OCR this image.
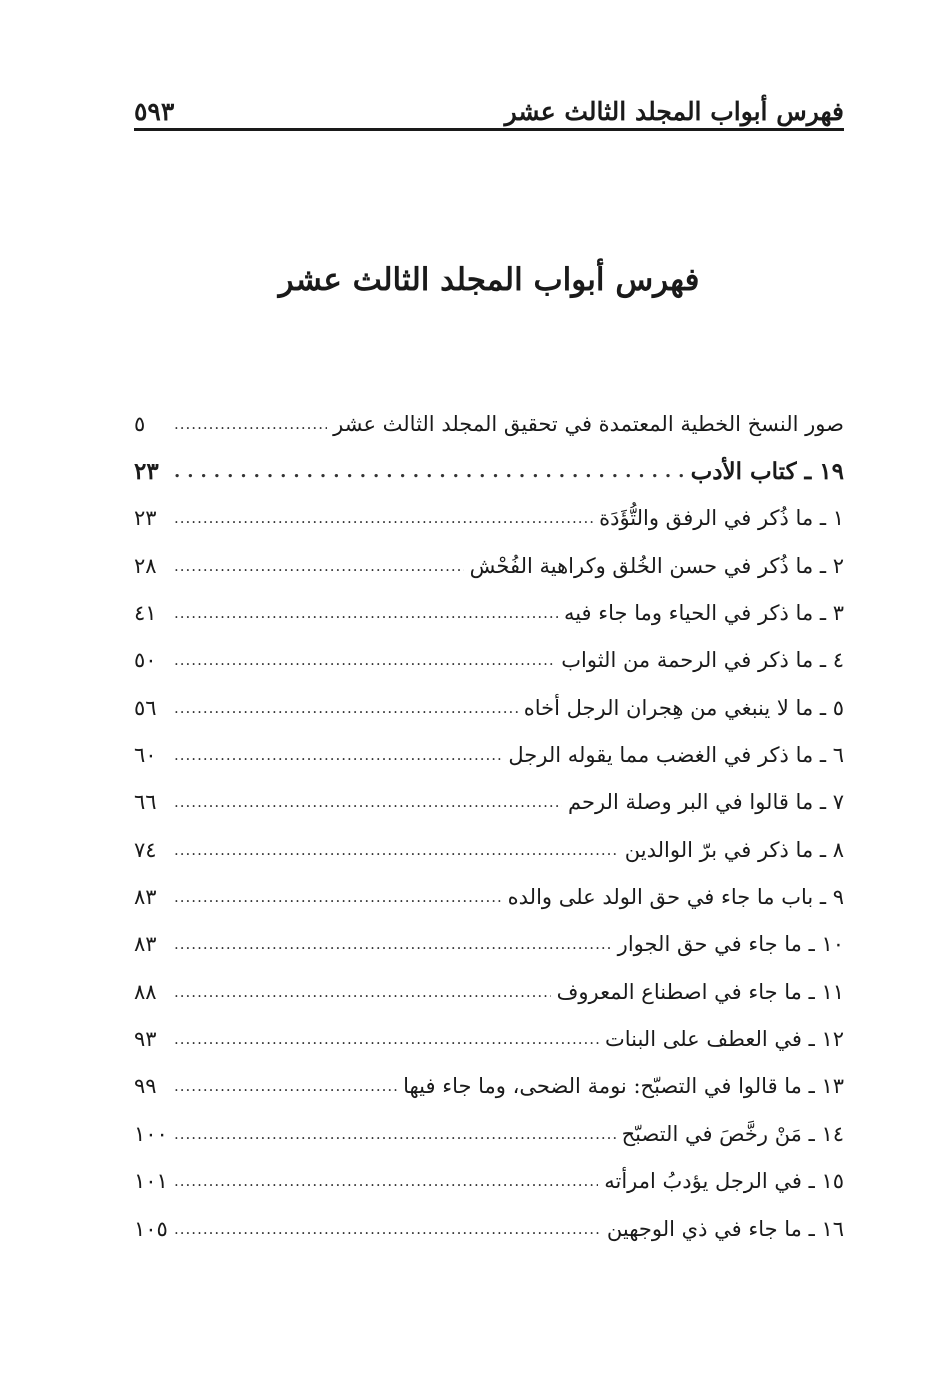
فهرس أبواب المجلد الثالث عشر
٥٩٣
فهرس أبواب المجلد الثالث عشر
صور النسخ الخطية المعتمدة في تحقيق المجلد الثالث عشر
.....
٥
١٩ ـ كتاب الأدب
.....
٢٣
١ ـ ما ذُكر في الرفق والتُّؤَدَة
.....
٢٣
٢ ـ ما ذُكر في حسن الخُلق وكراهية الفُحْش
.....
٢٨
٣ ـ ما ذكر في الحياء وما جاء فيه
.....
٤١
٤ ـ ما ذكر في الرحمة من الثواب
.....
٥٠
٥ ـ ما لا ينبغي من هِجران الرجل أخاه
.....
٥٦
٦ ـ ما ذكر في الغضب مما يقوله الرجل
.....
٦٠
٧ ـ ما قالوا في البر وصلة الرحم
.....
٦٦
٨ ـ ما ذكر في برّ الوالدين
.....
٧٤
٩ ـ باب ما جاء في حق الولد على والده
.....
٨٣
١٠ ـ ما جاء في حق الجوار
.....
٨٣
١١ ـ ما جاء في اصطناع المعروف
.....
٨٨
١٢ ـ في العطف على البنات
.....
٩٣
١٣ ـ ما قالوا في التصبّح: نومة الضحى، وما جاء فيها
.....
٩٩
١٤ ـ مَنْ رخَّصَ في التصبّح
.....
١٠٠
١٥ ـ في الرجل يؤدبُ امرأته
.....
١٠١
١٦ ـ ما جاء في ذي الوجهين
.....
١٠٥
